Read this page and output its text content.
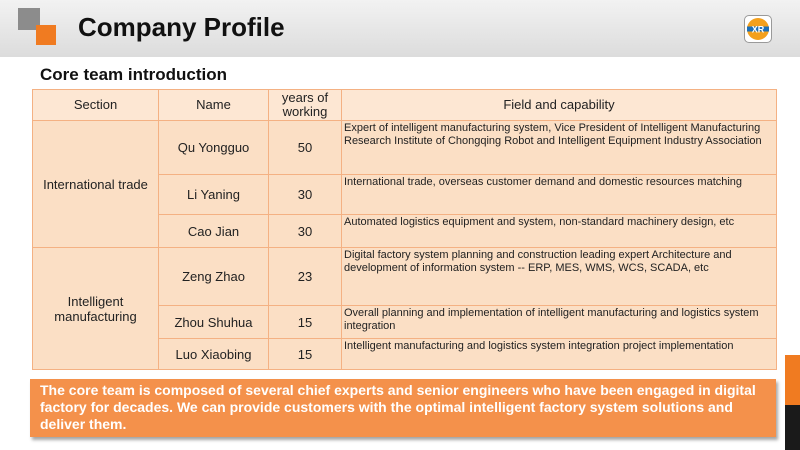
Company Profile	XR
Core team introduction
Section	Name	years of working	Field and capability
International trade	Qu Yongguo	50	Expert of intelligent manufacturing system, Vice President of Intelligent Manufacturing Research Institute of Chongqing Robot and Intelligent Equipment Industry Association
	Li Yaning	30	International trade, overseas customer demand and domestic resources matching
	Cao Jian	30	Automated logistics equipment and system, non-standard machinery design, etc
Intelligent manufacturing	Zeng Zhao	23	Digital factory system planning and construction leading expert Architecture and development of information system -- ERP, MES, WMS, WCS, SCADA, etc
	Zhou Shuhua	15	Overall planning and implementation of intelligent manufacturing and logistics system integration
	Luo Xiaobing	15	Intelligent manufacturing and logistics system integration project implementation
The core team is composed of several chief experts and senior engineers who have been engaged in digital factory for decades. We can provide customers with the optimal intelligent factory system solutions and deliver them.
